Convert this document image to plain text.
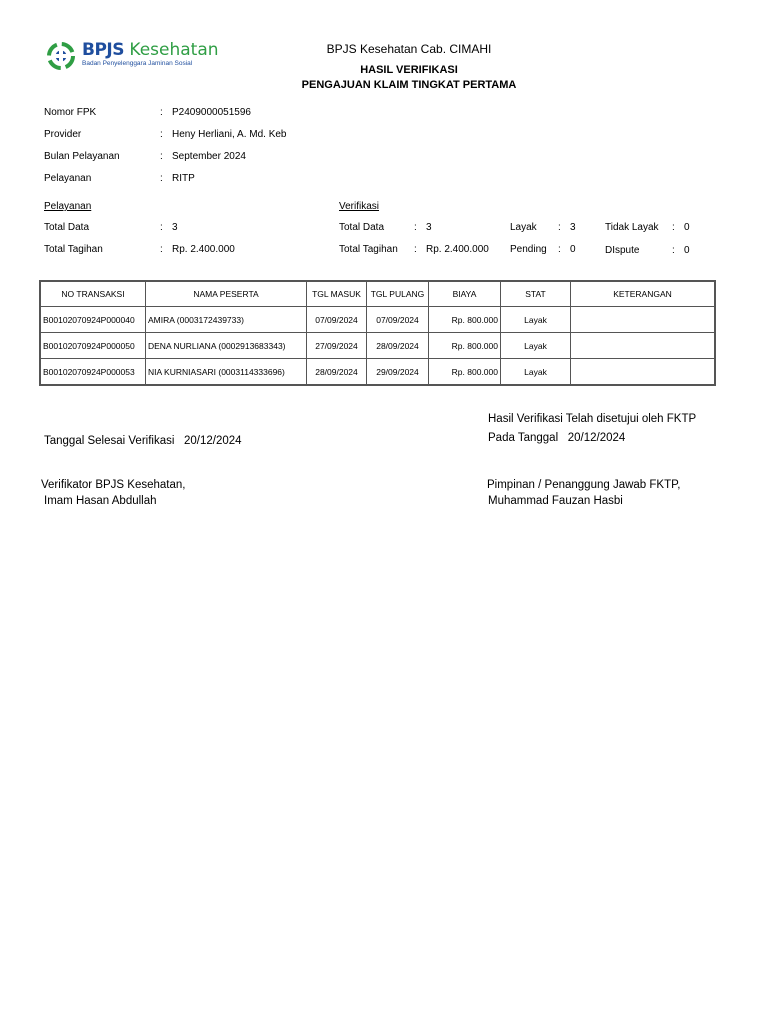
BPJS Kesehatan
Badan Penyelenggara Jaminan Sosial
BPJS Kesehatan Cab. CIMAHI
HASIL VERIFIKASI
PENGAJUAN KLAIM TINGKAT PERTAMA
Nomor FPK	: P2409000051596
Provider	: Heny Herliani, A. Md. Keb
Bulan Pelayanan	: September 2024
Pelayanan	: RITP
Pelayanan	Verifikasi
Total Data	: 3
Total Tagihan	: Rp. 2.400.000
Total Data	: 3
Total Tagihan : Rp. 2.400.000
Layak : 3
Pending : 0
Tidak Layak : 0
DIspute	: 0
NO TRANSAKSI	NAMA PESERTA	TGL MASUK	TGL PULANG	BIAYA	STAT	KETERANGAN
B00102070924P000040	AMIRA (0003172439733)	07/09/2024	07/09/2024	Rp. 800.000	Layak	
B00102070924P000050	DENA NURLIANA (0002913683343)	27/09/2024	28/09/2024	Rp. 800.000	Layak	
B00102070924P000053	NIA KURNIASARI (0003114333696)	28/09/2024	29/09/2024	Rp. 800.000	Layak	
Hasil Verifikasi Telah disetujui oleh FKTP
Pada Tanggal 20/12/2024
Tanggal Selesai Verifikasi 20/12/2024
Verifikator BPJS Kesehatan,
Imam Hasan Abdullah
Pimpinan / Penanggung Jawab FKTP,
Muhammad Fauzan Hasbi
